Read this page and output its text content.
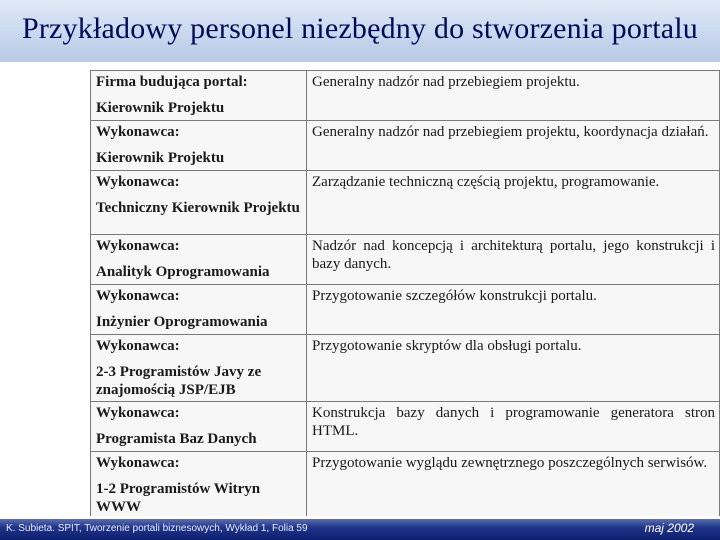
Przykładowy personel niezbędny do stworzenia portalu
Firma budująca portal:
Kierownik Projektu	Generalny nadzór nad przebiegiem projektu.

Wykonawca:
Kierownik Projektu	Generalny nadzór nad przebiegiem projektu, koordynacja działań.

Wykonawca:
Techniczny Kierownik Projektu	Zarządzanie techniczną częścią projektu, programowanie.

Wykonawca:
Analityk Oprogramowania	Nadzór nad koncepcją i architekturą portalu, jego konstrukcji i bazy danych.

Wykonawca:
Inżynier Oprogramowania	Przygotowanie szczegółów konstrukcji portalu.

Wykonawca:
2-3 Programistów Javy ze znajomością JSP/EJB	Przygotowanie skryptów dla obsługi portalu.

Wykonawca:
Programista Baz Danych	Konstrukcja bazy danych i programowanie generatora stron HTML.

Wykonawca:
1-2 Programistów Witryn WWW	Przygotowanie wyglądu zewnętrznego poszczególnych serwisów.
K. Subieta. SPIT, Tworzenie portali biznesowych, Wykład 1, Folia 59	maj 2002
